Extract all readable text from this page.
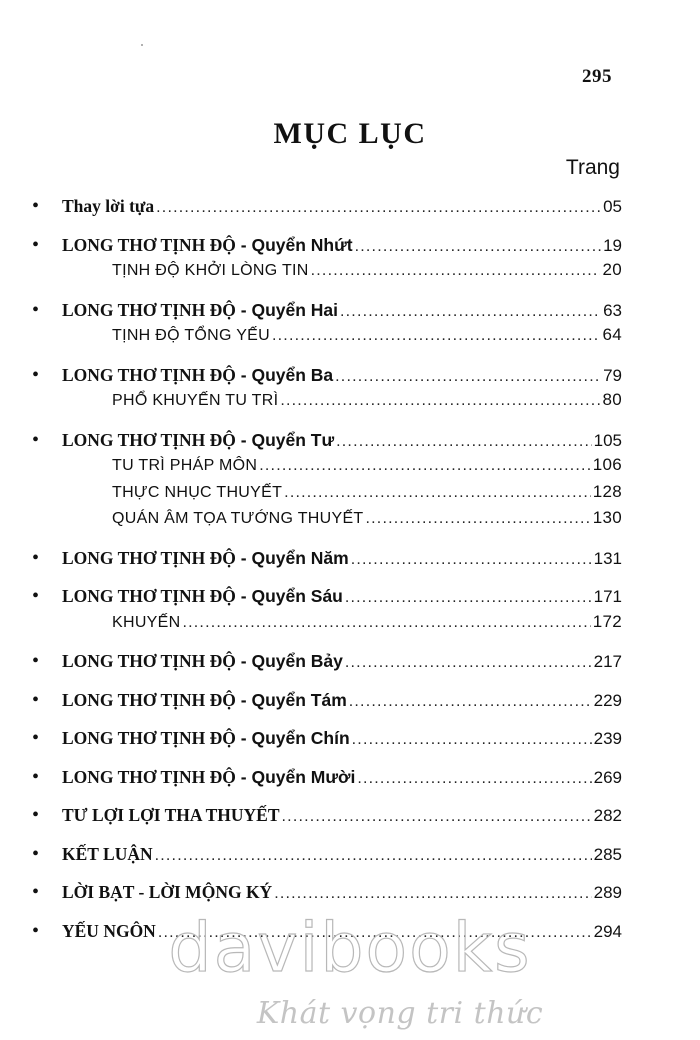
295
MỤC LỤC
Trang
•	Thay lời tựa .....	05
•	LONG THƠ TỊNH ĐỘ - Quyển Nhứt .....	19
TỊNH ĐỘ KHỞI LÒNG TIN .....	20
•	LONG THƠ TỊNH ĐỘ - Quyển Hai .....	63
TỊNH ĐỘ TỔNG YẾU .....	64
•	LONG THƠ TỊNH ĐỘ - Quyển Ba .....	79
PHỔ KHUYẾN TU TRÌ .....	80
•	LONG THƠ TỊNH ĐỘ - Quyển Tư .....	105
TU TRÌ PHÁP MÔN .....	106
THỰC NHỤC THUYẾT .....	128
QUÁN ÂM TỌA TƯỚNG THUYẾT .....	130
•	LONG THƠ TỊNH ĐỘ - Quyển Năm .....	131
•	LONG THƠ TỊNH ĐỘ - Quyển Sáu .....	171
KHUYẾN .....	172
•	LONG THƠ TỊNH ĐỘ - Quyển Bảy .....	217
•	LONG THƠ TỊNH ĐỘ - Quyển Tám .....	229
•	LONG THƠ TỊNH ĐỘ - Quyển Chín .....	239
•	LONG THƠ TỊNH ĐỘ - Quyển Mười .....	269
•	TƯ LỢI LỢI THA THUYẾT .....	282
•	KẾT LUẬN .....	285
•	LỜI BẠT - LỜI MỘNG KÝ .....	289
•	YẾU NGÔN .....	294
davibooks
Khát vọng tri thức
